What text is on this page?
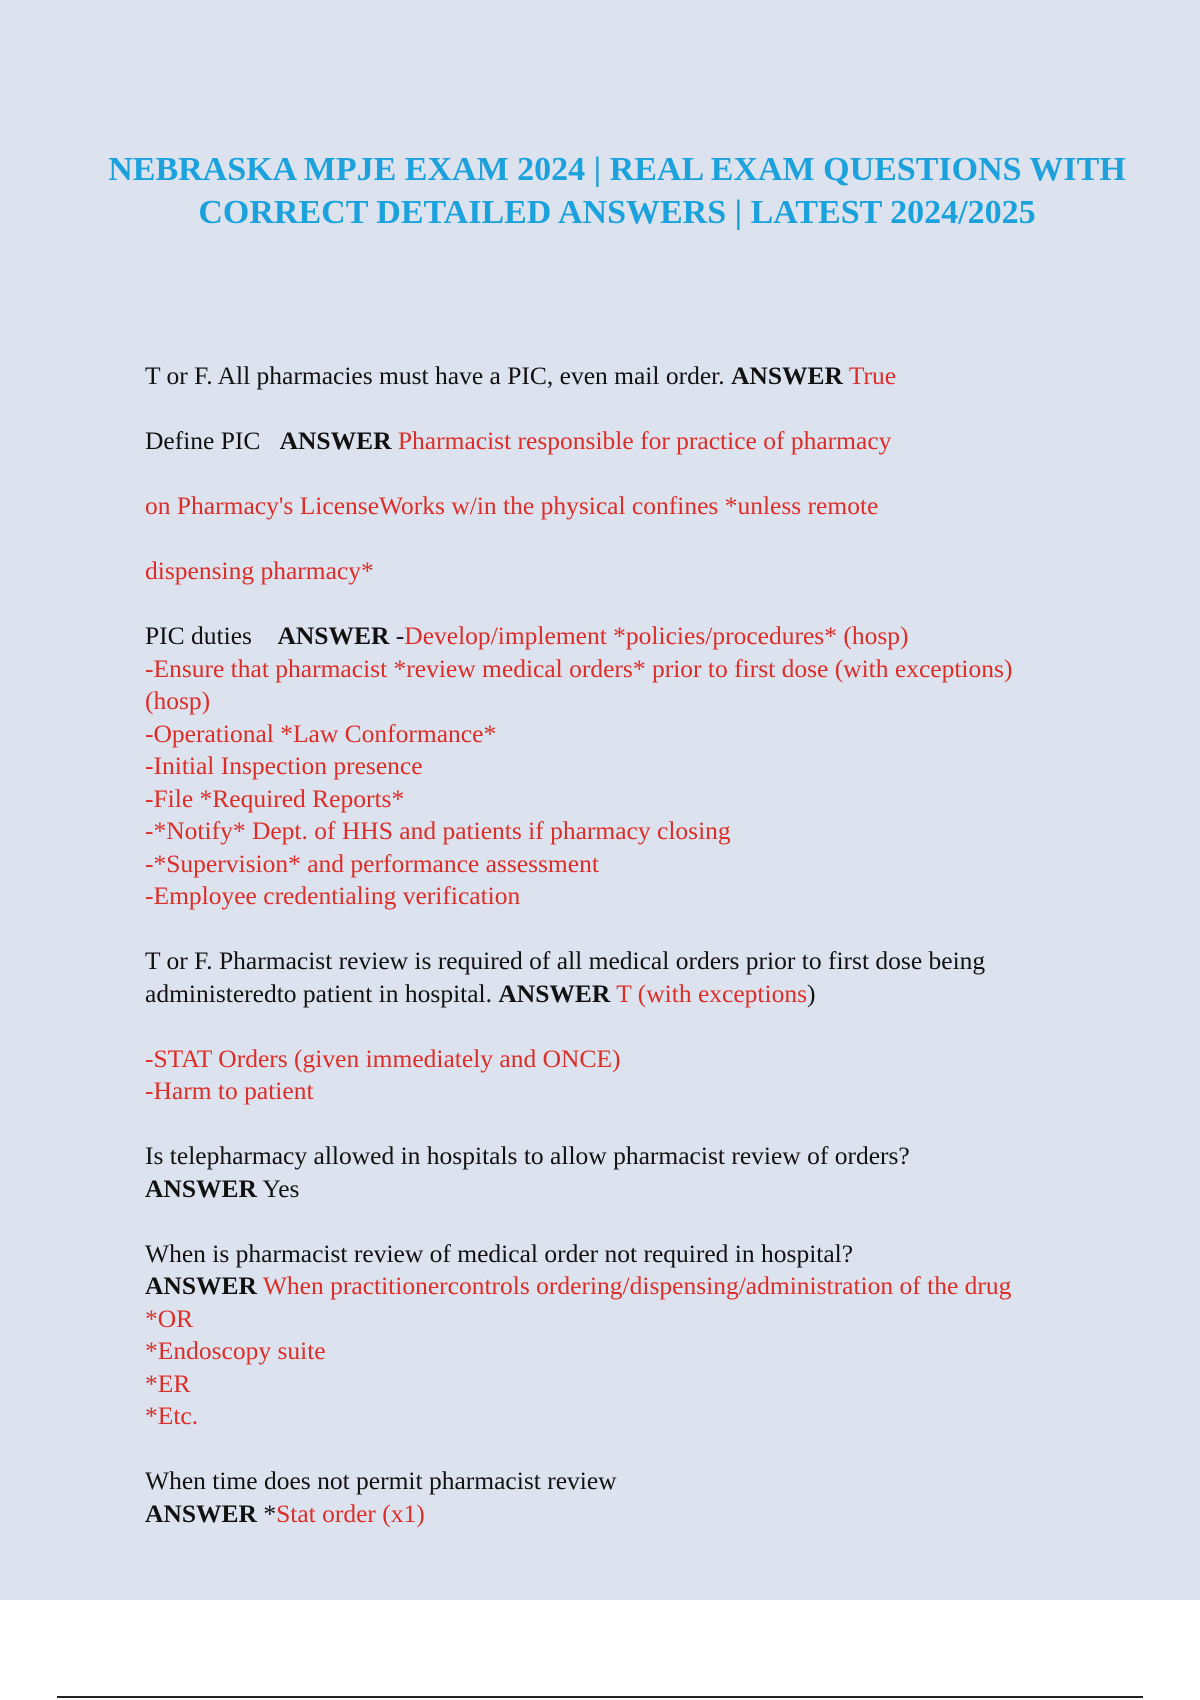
NEBRASKA MPJE EXAM 2024 | REAL EXAM QUESTIONS WITH CORRECT DETAILED ANSWERS | LATEST 2024/2025

T or F. All pharmacies must have a PIC, even mail order. ANSWER True

Define PIC   ANSWER Pharmacist responsible for practice of pharmacy
on Pharmacy's LicenseWorks w/in the physical confines *unless remote
dispensing pharmacy*
PIC duties    ANSWER -Develop/implement *policies/procedures* (hosp)
-Ensure that pharmacist *review medical orders* prior to first dose (with exceptions) (hosp)
-Operational *Law Conformance*
-Initial Inspection presence
-File *Required Reports*
-*Notify* Dept. of HHS and patients if pharmacy closing
-*Supervision* and performance assessment
-Employee credentialing verification

T or F. Pharmacist review is required of all medical orders prior to first dose being administeredto patient in hospital. ANSWER T (with exceptions)

-STAT Orders (given immediately and ONCE)
-Harm to patient
Is telepharmacy allowed in hospitals to allow pharmacist review of orders?
ANSWER Yes
When is pharmacist review of medical order not required in hospital?
ANSWER When practitionercontrols ordering/dispensing/administration of the drug
*OR
*Endoscopy suite
*ER
*Etc.
When time does not permit pharmacist review
ANSWER *Stat order (x1)
